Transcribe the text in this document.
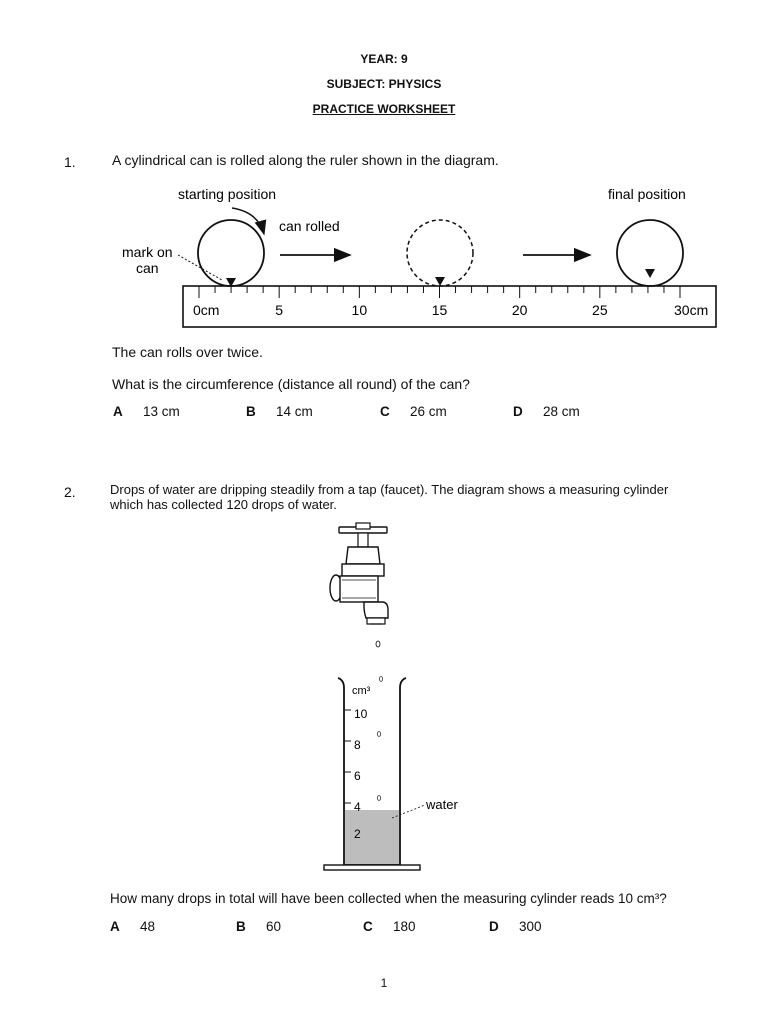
YEAR: 9
SUBJECT: PHYSICS
PRACTICE WORKSHEET
1.	A cylindrical can is rolled along the ruler shown in the diagram.
starting position	final position
can rolled
mark on
can
0cm	5	10	15	20	25	30cm
The can rolls over twice.
What is the circumference (distance all round) of the can?
A 13 cm	B 14 cm	C 26 cm	D 28 cm
2.	Drops of water are dripping steadily from a tap (faucet). The diagram shows a measuring cylinder
which has collected 120 drops of water.
cm³
10
8
6
4
2
water
How many drops in total will have been collected when the measuring cylinder reads 10 cm³?
A 48	B 60	C 180	D 300
1
